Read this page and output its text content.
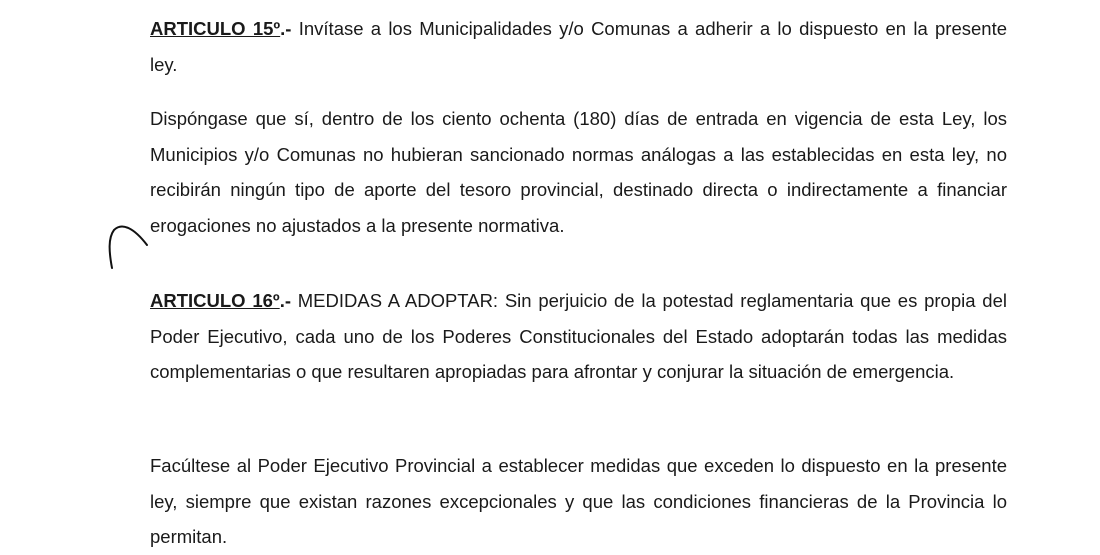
ARTICULO 15º.- Invítase a los Municipalidades y/o Comunas a adherir a lo dispuesto en la presente ley.

Dispóngase que sí, dentro de los ciento ochenta (180) días de entrada en vigencia de esta Ley, los Municipios y/o Comunas no hubieran sancionado normas análogas a las establecidas en esta ley, no recibirán ningún tipo de aporte del tesoro provincial, destinado directa o indirectamente a financiar erogaciones no ajustados a la presente normativa.

ARTICULO 16º.- MEDIDAS A ADOPTAR: Sin perjuicio de la potestad reglamentaria que es propia del Poder Ejecutivo, cada uno de los Poderes Constitucionales del Estado adoptarán todas las medidas complementarias o que resultaren apropiadas para afrontar y conjurar la situación de emergencia.

Facúltese al Poder Ejecutivo Provincial a establecer medidas que exceden lo dispuesto en la presente ley, siempre que existan razones excepcionales y que las condiciones financieras de la Provincia lo permitan.
